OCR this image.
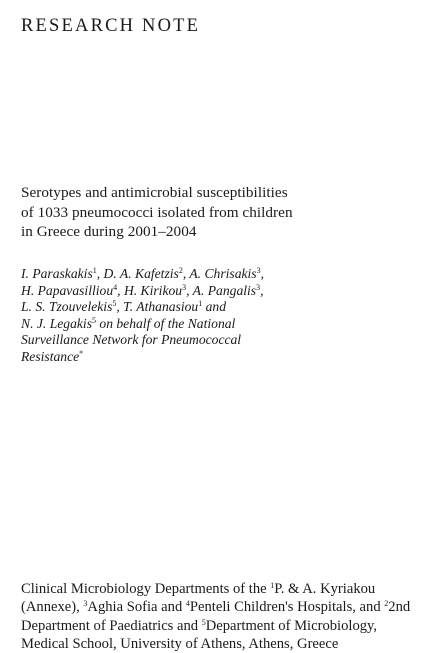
RESEARCH NOTE
Serotypes and antimicrobial susceptibilities
of 1033 pneumococci isolated from children
in Greece during 2001–2004
I. Paraskakis$^1$, D. A. Kafetzis$^2$, A. Chrisakis$^3$,
H. Papavasilliou$^4$, H. Kirikou$^3$, A. Pangalis$^3$,
L. S. Tzouvelekis$^5$, T. Athanasiou$^1$ and
N. J. Legakis$^5$ on behalf of the National
Surveillance Network for Pneumococcal
Resistance*
Clinical Microbiology Departments of the $^1$P. & A. Kyriakou (Annexe), $^3$Aghia Sofia and $^4$Penteli Children's Hospitals, and $^2$2nd Department of Paediatrics and $^5$Department of Microbiology, Medical School, University of Athens, Athens, Greece
